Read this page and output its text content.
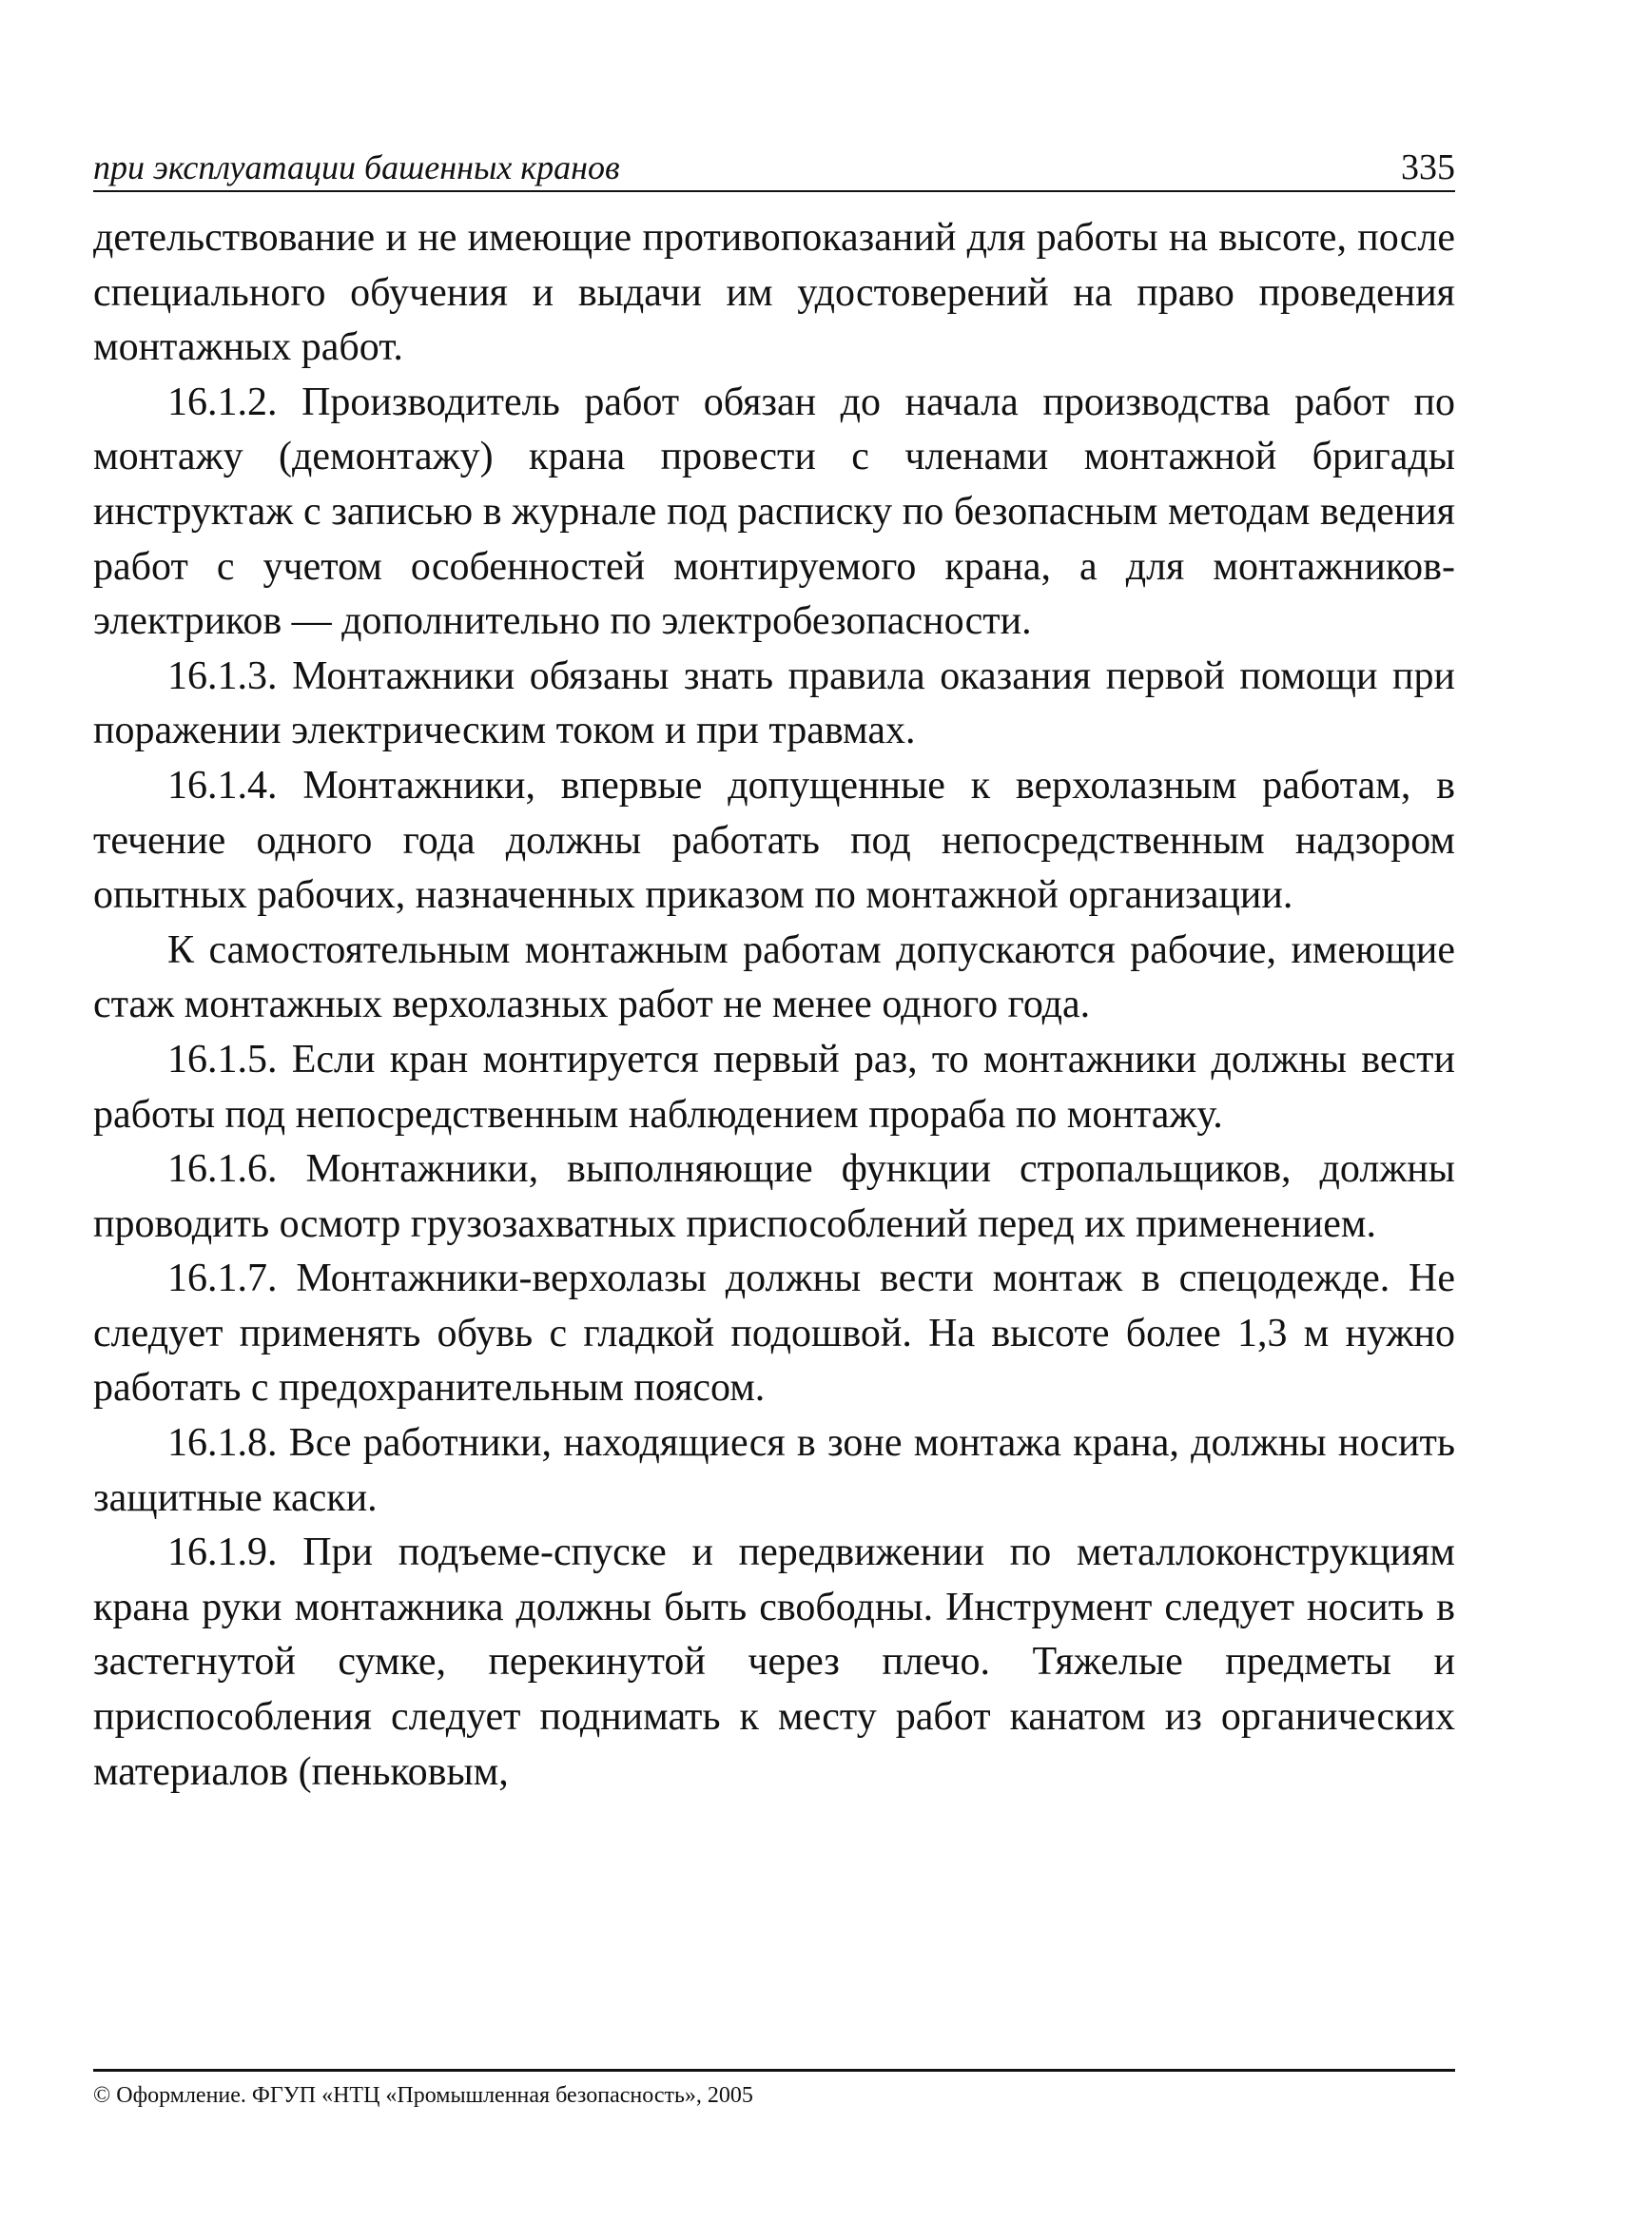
при эксплуатации башенных кранов	335

детельствование и не имеющие противопоказаний для работы на высоте, после специального обучения и выдачи им удостоверений на право проведения монтажных работ.

16.1.2. Производитель работ обязан до начала производства работ по монтажу (демонтажу) крана провести с членами монтажной бригады инструктаж с записью в журнале под расписку по безопасным методам ведения работ с учетом особенностей монтируемого крана, а для монтажников-электриков — дополнительно по электробезопасности.

16.1.3. Монтажники обязаны знать правила оказания первой помощи при поражении электрическим током и при травмах.

16.1.4. Монтажники, впервые допущенные к верхолазным работам, в течение одного года должны работать под непосредственным надзором опытных рабочих, назначенных приказом по монтажной организации.

К самостоятельным монтажным работам допускаются рабочие, имеющие стаж монтажных верхолазных работ не менее одного года.

16.1.5. Если кран монтируется первый раз, то монтажники должны вести работы под непосредственным наблюдением прораба по монтажу.

16.1.6. Монтажники, выполняющие функции стропальщиков, должны проводить осмотр грузозахватных приспособлений перед их применением.

16.1.7. Монтажники-верхолазы должны вести монтаж в спецодежде. Не следует применять обувь с гладкой подошвой. На высоте более 1,3 м нужно работать с предохранительным поясом.

16.1.8. Все работники, находящиеся в зоне монтажа крана, должны носить защитные каски.

16.1.9. При подъеме-спуске и передвижении по металлоконструкциям крана руки монтажника должны быть свободны. Инструмент следует носить в застегнутой сумке, перекинутой через плечо. Тяжелые предметы и приспособления следует поднимать к месту работ канатом из органических материалов (пеньковым,

© Оформление. ФГУП «НТЦ «Промышленная безопасность», 2005
